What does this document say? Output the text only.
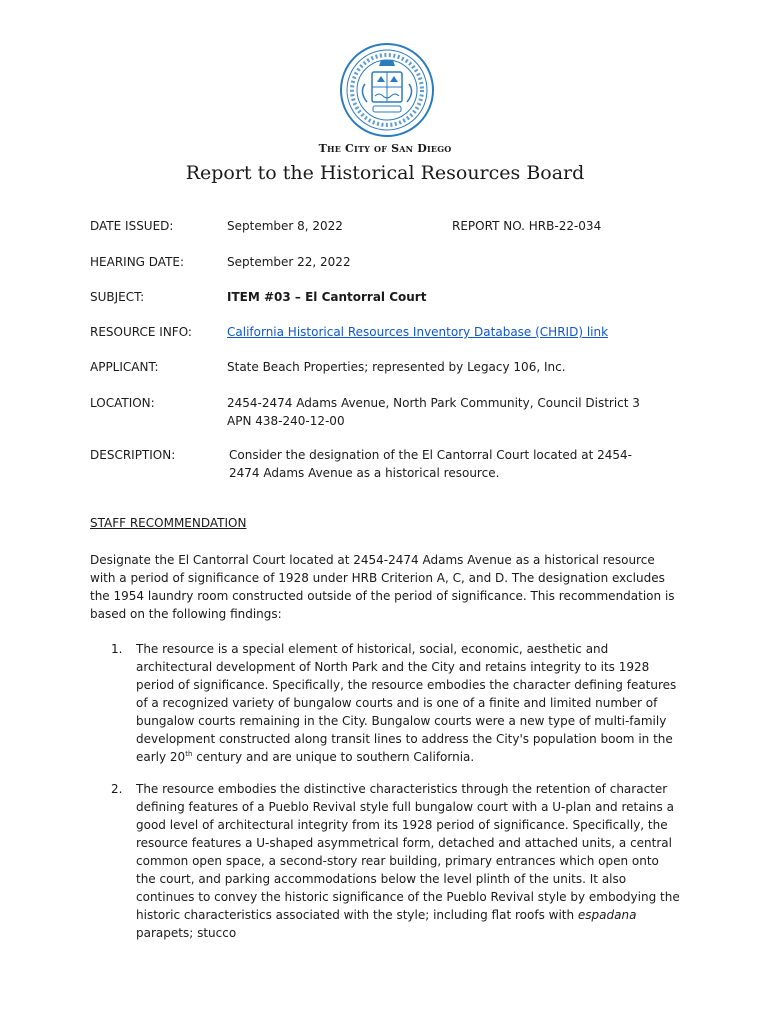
The City of San Diego
Report to the Historical Resources Board
DATE ISSUED:	September 8, 2022	REPORT NO. HRB-22-034
HEARING DATE:	September 22, 2022
SUBJECT:	ITEM #03 – El Cantorral Court
RESOURCE INFO:	California Historical Resources Inventory Database (CHRID) link
APPLICANT:	State Beach Properties; represented by Legacy 106, Inc.
LOCATION:	2454-2474 Adams Avenue, North Park Community, Council District 3
APN 438-240-12-00
DESCRIPTION:	Consider the designation of the El Cantorral Court located at 2454-2474 Adams Avenue as a historical resource.
STAFF RECOMMENDATION

Designate the El Cantorral Court located at 2454-2474 Adams Avenue as a historical resource with a period of significance of 1928 under HRB Criterion A, C, and D. The designation excludes the 1954 laundry room constructed outside of the period of significance. This recommendation is based on the following findings:

1. The resource is a special element of historical, social, economic, aesthetic and architectural development of North Park and the City and retains integrity to its 1928 period of significance. Specifically, the resource embodies the character defining features of a recognized variety of bungalow courts and is one of a finite and limited number of bungalow courts remaining in the City. Bungalow courts were a new type of multi-family development constructed along transit lines to address the City's population boom in the early 20th century and are unique to southern California.

2. The resource embodies the distinctive characteristics through the retention of character defining features of a Pueblo Revival style full bungalow court with a U-plan and retains a good level of architectural integrity from its 1928 period of significance. Specifically, the resource features a U-shaped asymmetrical form, detached and attached units, a central common open space, a second-story rear building, primary entrances which open onto the court, and parking accommodations below the level plinth of the units. It also continues to convey the historic significance of the Pueblo Revival style by embodying the historic characteristics associated with the style; including flat roofs with espadana parapets; stucco
